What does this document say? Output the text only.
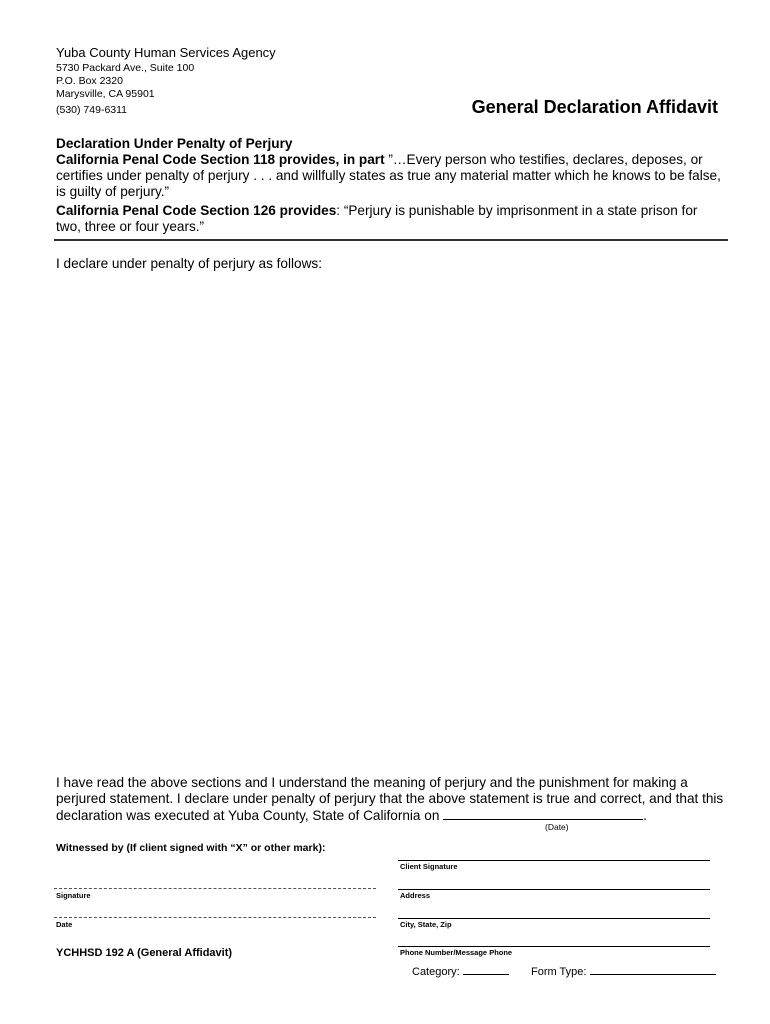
Yuba County Human Services Agency
5730 Packard Ave., Suite 100
P.O. Box 2320
Marysville, CA 95901
(530) 749-6311	General Declaration Affidavit
Declaration Under Penalty of Perjury
California Penal Code Section 118 provides, in part ”…Every person who testifies, declares, deposes, or certifies under penalty of perjury . . . and willfully states as true any material matter which he knows to be false, is guilty of perjury.”
California Penal Code Section 126 provides: “Perjury is punishable by imprisonment in a state prison for two, three or four years.”
I declare under penalty of perjury as follows:
I have read the above sections and I understand the meaning of perjury and the punishment for making a perjured statement. I declare under penalty of perjury that the above statement is true and correct, and that this declaration was executed at Yuba County, State of California on	.
(Date)
Witnessed by (If client signed with “X” or other mark):
Client Signature
Address
City, State, Zip
Phone Number/Message Phone
Signature
Date
YCHHSD 192 A (General Affidavit)
Category:	Form Type:
